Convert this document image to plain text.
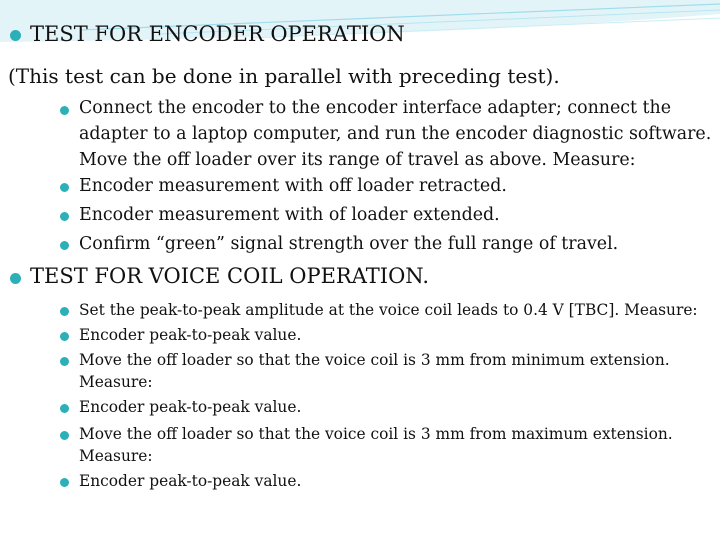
TEST FOR ENCODER OPERATION
(This test can be done in parallel with preceding test).
Connect the encoder to the encoder interface adapter; connect the
adapter to a laptop computer, and run the encoder diagnostic software.
Move the off loader over its range of travel as above. Measure:
Encoder measurement with off loader retracted.
Encoder measurement with of loader extended.
Confirm “green” signal strength over the full range of travel.
TEST FOR VOICE COIL OPERATION.
Set the peak-to-peak amplitude at the voice coil leads to 0.4 V [TBC]. Measure:
Encoder peak-to-peak value.
Move the off loader so that the voice coil is 3 mm from minimum extension.
Measure:
Encoder peak-to-peak value.
Move the off loader so that the voice coil is 3 mm from maximum extension.
Measure:
Encoder peak-to-peak value.
